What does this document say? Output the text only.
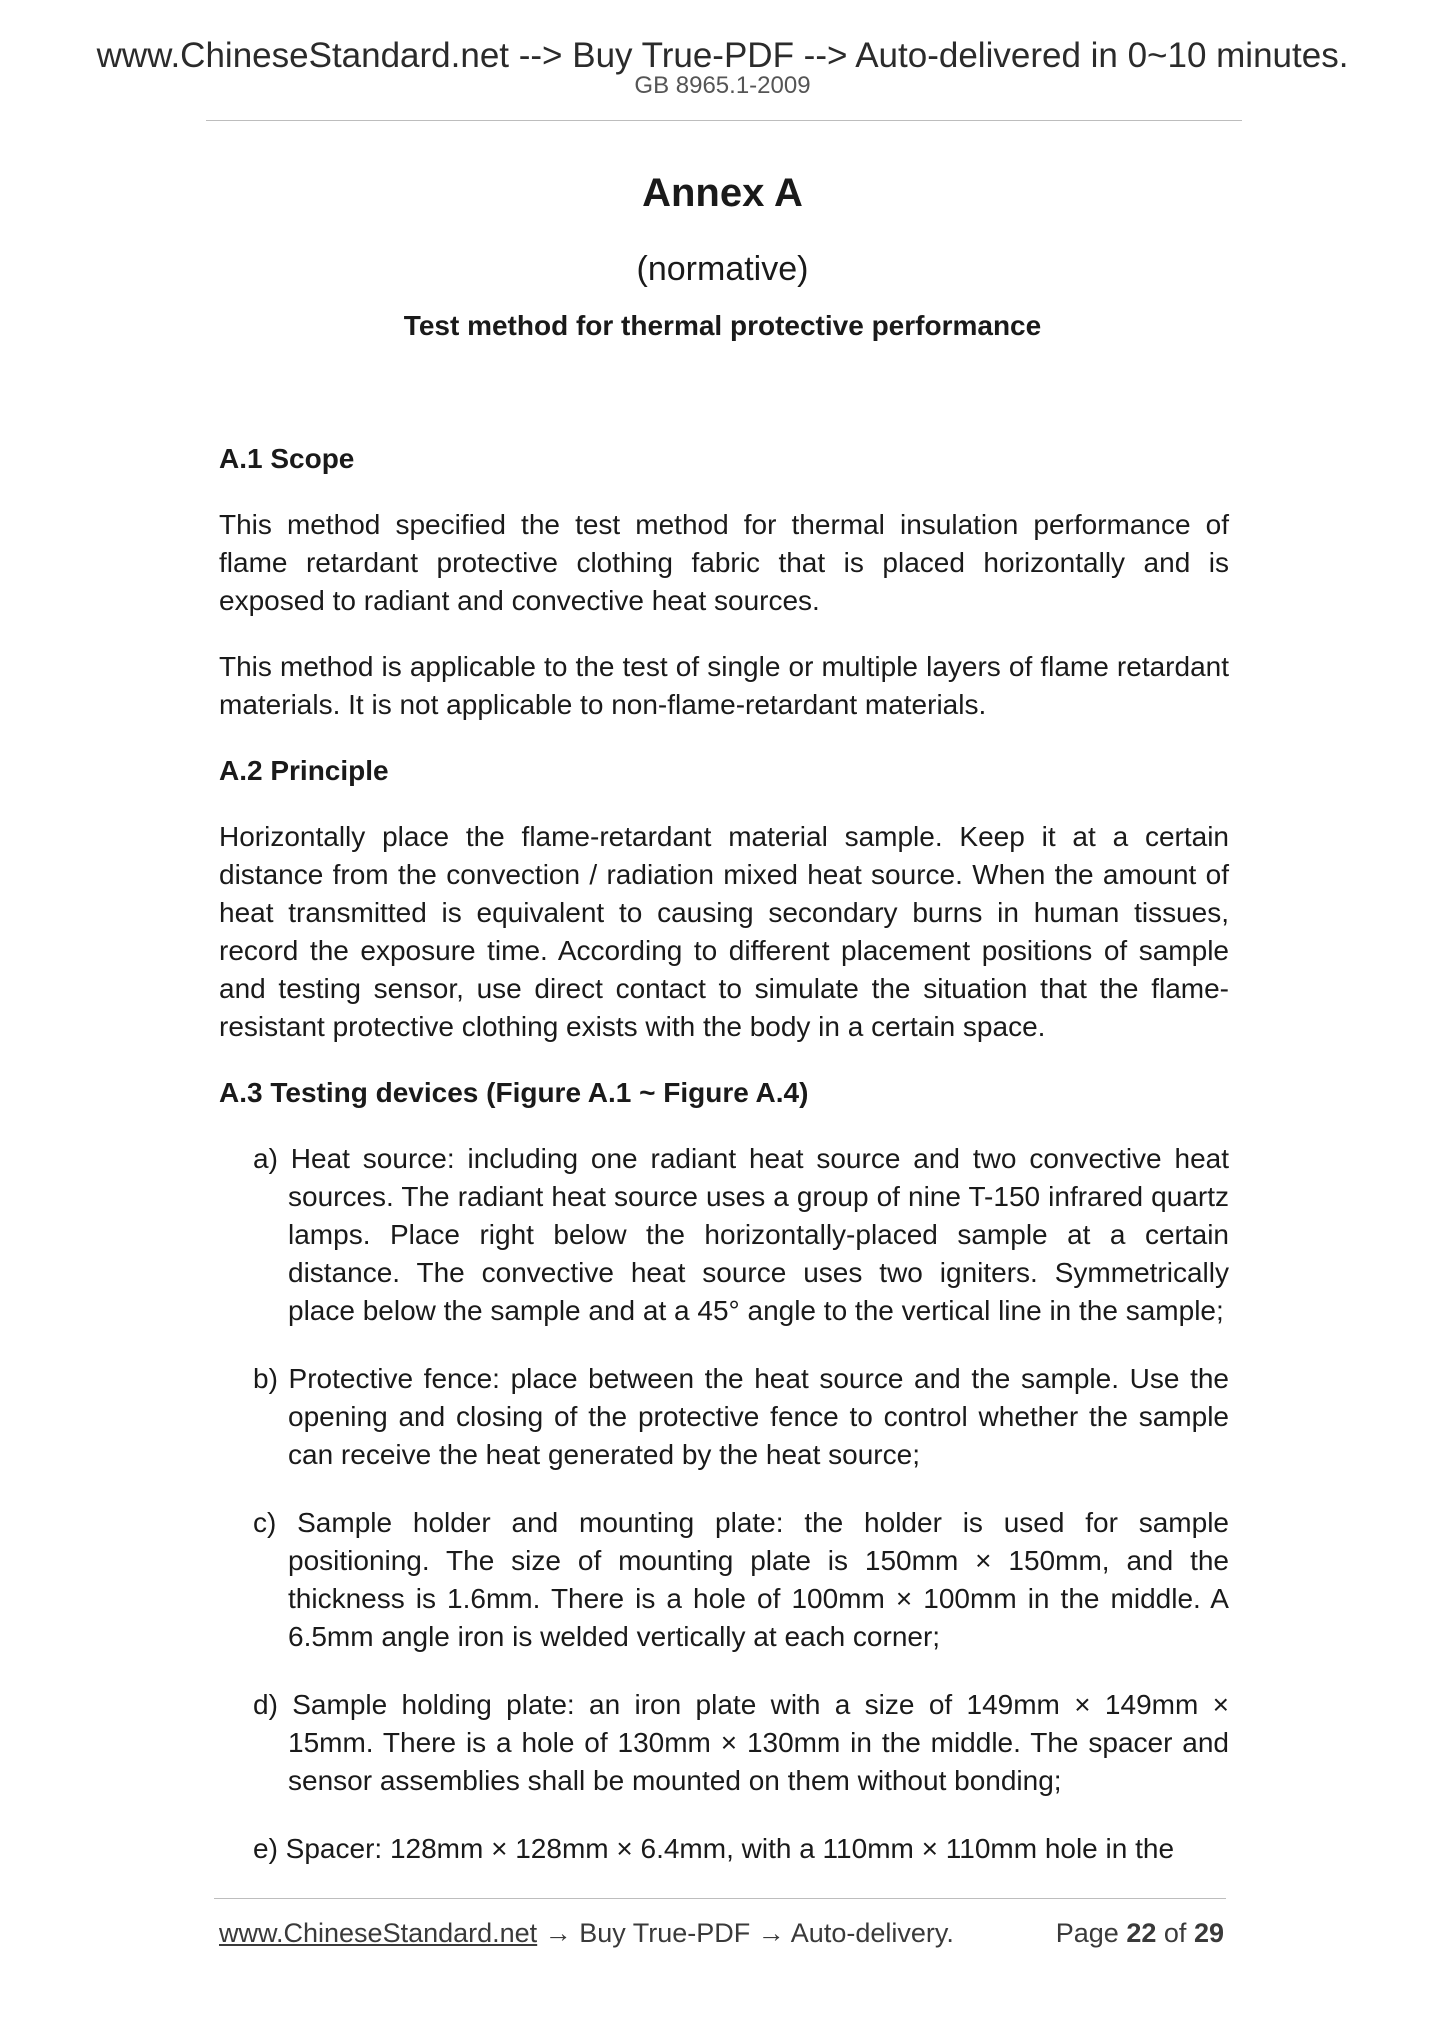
www.ChineseStandard.net --> Buy True-PDF --> Auto-delivered in 0~10 minutes.
GB 8965.1-2009
Annex A
(normative)
Test method for thermal protective performance
A.1 Scope

This method specified the test method for thermal insulation performance of flame retardant protective clothing fabric that is placed horizontally and is exposed to radiant and convective heat sources.

This method is applicable to the test of single or multiple layers of flame retardant materials. It is not applicable to non-flame-retardant materials.

A.2 Principle

Horizontally place the flame-retardant material sample. Keep it at a certain distance from the convection / radiation mixed heat source. When the amount of heat transmitted is equivalent to causing secondary burns in human tissues, record the exposure time. According to different placement positions of sample and testing sensor, use direct contact to simulate the situation that the flame-resistant protective clothing exists with the body in a certain space.

A.3 Testing devices (Figure A.1 ~ Figure A.4)

a) Heat source: including one radiant heat source and two convective heat sources. The radiant heat source uses a group of nine T-150 infrared quartz lamps. Place right below the horizontally-placed sample at a certain distance. The convective heat source uses two igniters. Symmetrically place below the sample and at a 45° angle to the vertical line in the sample;

b) Protective fence: place between the heat source and the sample. Use the opening and closing of the protective fence to control whether the sample can receive the heat generated by the heat source;

c) Sample holder and mounting plate: the holder is used for sample positioning. The size of mounting plate is 150mm × 150mm, and the thickness is 1.6mm. There is a hole of 100mm × 100mm in the middle. A 6.5mm angle iron is welded vertically at each corner;

d) Sample holding plate: an iron plate with a size of 149mm × 149mm × 15mm. There is a hole of 130mm × 130mm in the middle. The spacer and sensor assemblies shall be mounted on them without bonding;

e) Spacer: 128mm × 128mm × 6.4mm, with a 110mm × 110mm hole in the

www.ChineseStandard.net → Buy True-PDF → Auto-delivery.	Page 22 of 29
